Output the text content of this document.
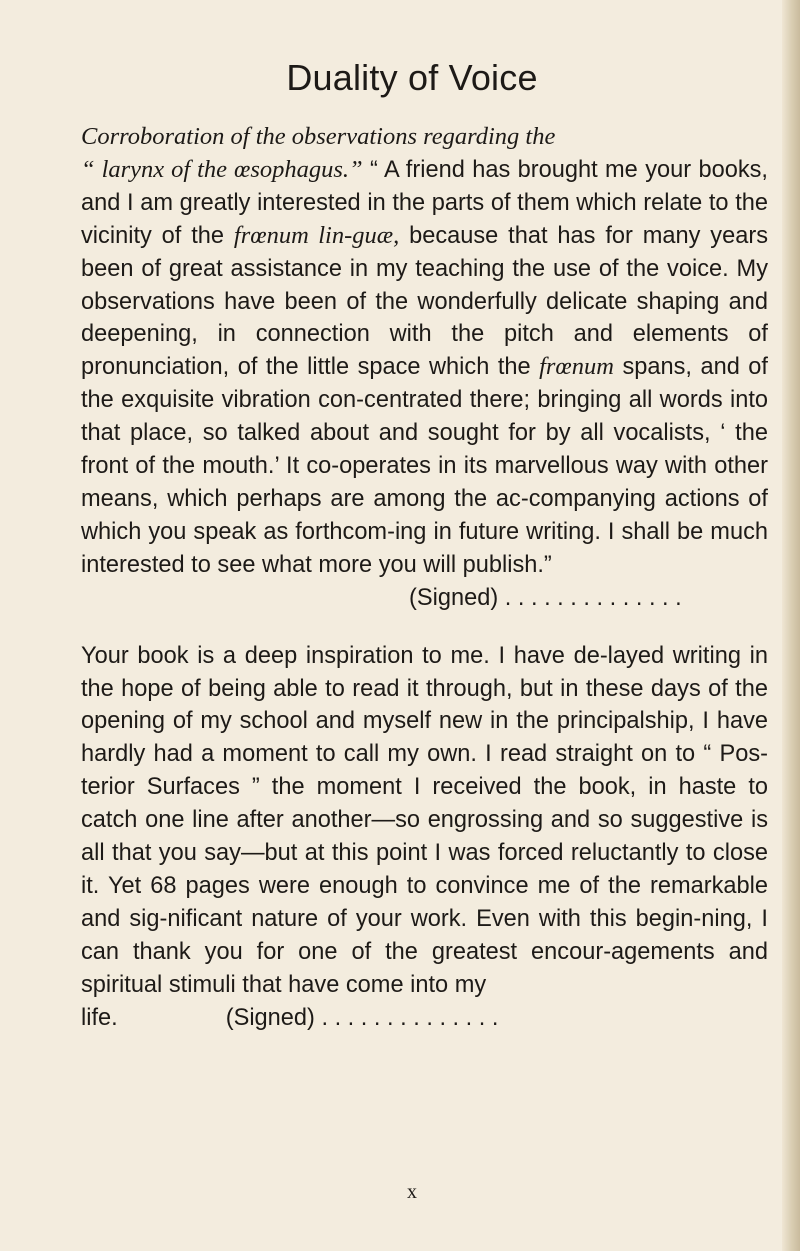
Duality of Voice

Corroboration of the observations regarding the
“ larynx of the œsophagus.” “ A friend has brought me your books, and I am greatly interested in the parts of them which relate to the vicinity of the frœnum lin-guæ, because that has for many years been of great assistance in my teaching the use of the voice. My observations have been of the wonderfully delicate shaping and deepening, in connection with the pitch and elements of pronunciation, of the little space which the frœnum spans, and of the exquisite vibration con-centrated there; bringing all words into that place, so talked about and sought for by all vocalists, ‘ the front of the mouth.’ It co-operates in its marvellous way with other means, which perhaps are among the ac-companying actions of which you speak as forthcom-ing in future writing. I shall be much interested to see what more you will publish.”
(Signed) . . . . . . . . . . . . . .

Your book is a deep inspiration to me. I have de-layed writing in the hope of being able to read it through, but in these days of the opening of my school and myself new in the principalship, I have hardly had a moment to call my own. I read straight on to “ Pos-terior Surfaces ” the moment I received the book, in haste to catch one line after another—so engrossing and so suggestive is all that you say—but at this point I was forced reluctantly to close it. Yet 68 pages were enough to convince me of the remarkable and sig-nificant nature of your work. Even with this begin-ning, I can thank you for one of the greatest encour-agements and spiritual stimuli that have come into my
life.	(Signed) . . . . . . . . . . . . . .

x
